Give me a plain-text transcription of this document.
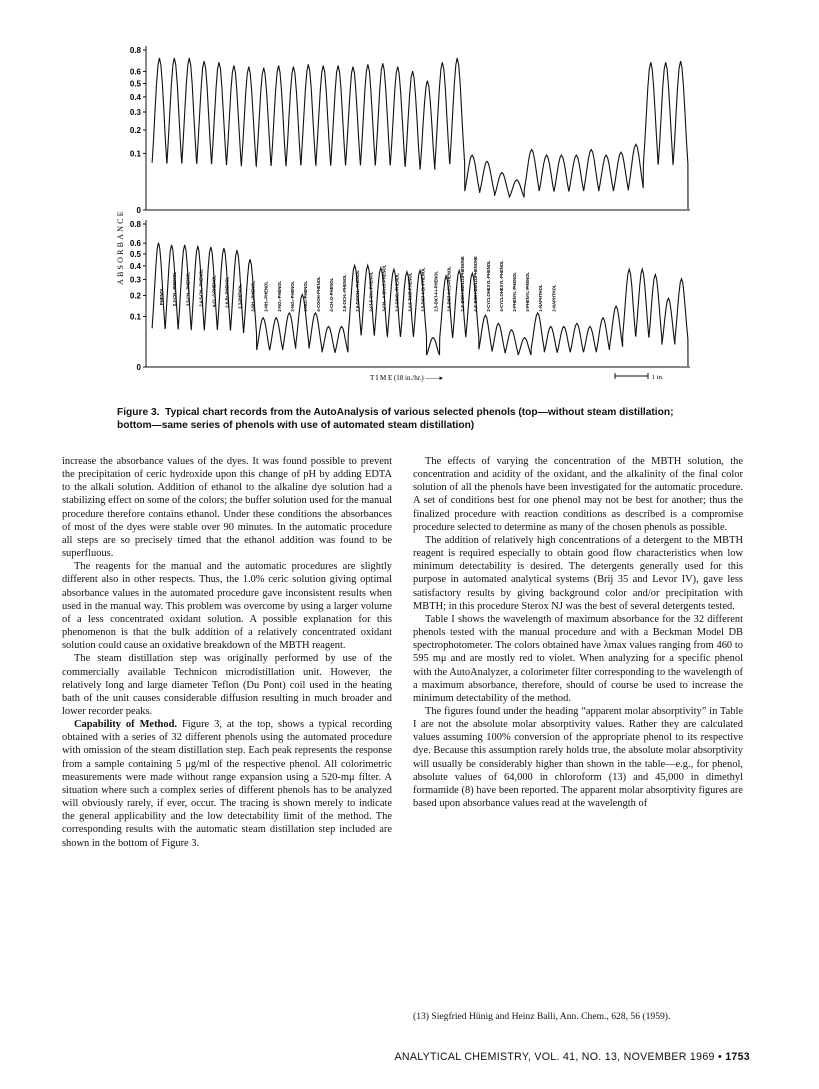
0.8
0.6
0.5
0.4
0.3
0.2
0.1
0
0.8
0.6
0.5
0.4
0.3
0.2
0.1
0
PHENOL 2,3-CH₃-PHENOL 3,5-CH₃-PHENOL 2,4,5-CH₃-PHENOL 4-CL-3-PHENOL 2,6-Br-PHENOL 2,3-PHENOL 3-NH₂-PHENOL 2-NH₂-PHENOL 2-NO₂-PHENOL 3-NO₂-PHENOL 4-NO₂-PHENOL 4-COOH-PHENOL 4-CH₃O-PHENOL 2,6-OCH₃-PHENOL 2,6-DIOCH₃-PHENOL 2-Cl-5-CH₃-PHENOL 3-CH₃-4-CH₃O-PHENOL 2,4-DINO₂-PHENOL 2,4,5-TriCl-PHENOL 2,5-DiCl-4-Br-PHENOL 2,5-DiCl-4-I-PHENOL 2,6-DiCl-4-CS-PHENOL 2,4'-DiOH-BENZOPHENONE 4,4'-DiOH-BENZOPHENONE 2-CYCLOHEXYL-PHENOL 4-CYCLOHEXYL-PHENOL 2-PHENYL-PHENOL 4-PHENYL-PHENOL 1-NAPHTHOL 2-NAPHTHOL
T I M E (18 in./hr.) ——▸	1 in.
ABSORBANCE
Figure 3. Typical chart records from the AutoAnalysis of various selected phenols (top—without steam distillation; bottom—same series of phenols with use of automated steam distillation)

increase the absorbance values of the dyes. It was found possible to prevent the precipitation of ceric hydroxide upon this change of pH by adding EDTA to the alkali solution. Addition of ethanol to the alkaline dye solution had a stabilizing effect on some of the colors; the buffer solution used for the manual procedure therefore contains ethanol. Under these conditions the absorbances of most of the dyes were stable over 90 minutes. In the automatic procedure all steps are so precisely timed that the ethanol addition was found to be superfluous.

The reagents for the manual and the automatic procedures are slightly different also in other respects. Thus, the 1.0% ceric solution giving optimal absorbance values in the automated procedure gave inconsistent results when used in the manual way. This problem was overcome by using a larger volume of a less concentrated oxidant solution. A possible explanation for this phenomenon is that the bulk addition of a relatively concentrated oxidant solution could cause an oxidative breakdown of the MBTH reagent.

The steam distillation step was originally performed by use of the commercially available Technicon microdistillation unit. However, the relatively long and large diameter Teflon (Du Pont) coil used in the heating bath of the unit causes considerable diffusion resulting in much broader and lower recorder peaks.

Capability of Method. Figure 3, at the top, shows a typical recording obtained with a series of 32 different phenols using the automated procedure with omission of the steam distillation step. Each peak represents the response from a sample containing 5 μg/ml of the respective phenol. All colorimetric measurements were made without range expansion using a 520-mμ filter. A situation where such a complex series of different phenols has to be analyzed will obviously rarely, if ever, occur. The tracing is shown merely to indicate the general applicability and the low detectability limit of the method. The corresponding results with the automatic steam distillation step included are shown in the bottom of Figure 3.

The effects of varying the concentration of the MBTH solution, the concentration and acidity of the oxidant, and the alkalinity of the final color solution of all the phenols have been investigated for the automatic procedure. A set of conditions best for one phenol may not be best for another; thus the finalized procedure with reaction conditions as described is a compromise procedure selected to determine as many of the chosen phenols as possible.

The addition of relatively high concentrations of a detergent to the MBTH reagent is required especially to obtain good flow characteristics when low minimum detectability is desired. The detergents generally used for this purpose in automated analytical systems (Brij 35 and Levor IV), gave less satisfactory results by giving background color and/or precipitation with MBTH; in this procedure Sterox NJ was the best of several detergents tested.

Table I shows the wavelength of maximum absorbance for the 32 different phenols tested with the manual procedure and with a Beckman Model DB spectrophotometer. The colors obtained have λmax values ranging from 460 to 595 mμ and are mostly red to violet. When analyzing for a specific phenol with the AutoAnalyzer, a colorimeter filter corresponding to the wavelength of a maximum absorbance, therefore, should of course be used to increase the minimum detectability of the method.

The figures found under the heading “apparent molar absorptivity” in Table I are not the absolute molar absorptivity values. Rather they are calculated values assuming 100% conversion of the appropriate phenol to its respective dye. Because this assumption rarely holds true, the absolute molar absorptivity will usually be considerably higher than shown in the table—e.g., for phenol, absolute values of 64,000 in chloroform (13) and 45,000 in dimethyl formamide (8) have been reported. The apparent molar absorptivity figures are based upon absorbance values read at the wavelength of

(13) Siegfried Hünig and Heinz Balli, Ann. Chem., 628, 56 (1959).
ANALYTICAL CHEMISTRY, VOL. 41, NO. 13, NOVEMBER 1969 • 1753
